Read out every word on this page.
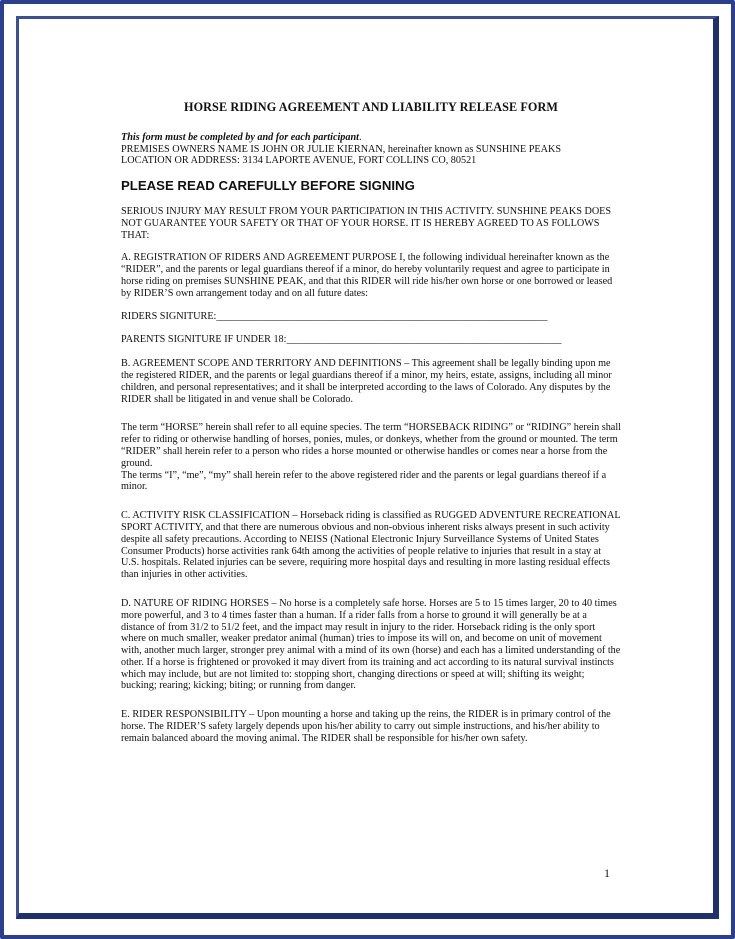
HORSE RIDING AGREEMENT AND LIABILITY RELEASE FORM
This form must be completed by and for each participant.
PREMISES OWNERS NAME IS JOHN OR JULIE KIERNAN, hereinafter known as SUNSHINE PEAKS
LOCATION OR ADDRESS: 3134 LAPORTE AVENUE, FORT COLLINS CO, 80521
PLEASE READ CAREFULLY BEFORE SIGNING

SERIOUS INJURY MAY RESULT FROM YOUR PARTICIPATION IN THIS ACTIVITY. SUNSHINE PEAKS DOES NOT GUARANTEE YOUR SAFETY OR THAT OF YOUR HORSE. IT IS HEREBY AGREED TO AS FOLLOWS THAT:

A. REGISTRATION OF RIDERS AND AGREEMENT PURPOSE I, the following individual hereinafter known as the “RIDER”, and the parents or legal guardians thereof if a minor, do hereby voluntarily request and agree to participate in horse riding on premises SUNSHINE PEAK, and that this RIDER will ride his/her own horse or one borrowed or leased by RIDER’S own arrangement today and on all future dates:

RIDERS SIGNITURE:_________________________________________________________________
PARENTS SIGNITURE IF UNDER 18:______________________________________________________

B. AGREEMENT SCOPE AND TERRITORY AND DEFINITIONS – This agreement shall be legally binding upon me the registered RIDER, and the parents or legal guardians thereof if a minor, my heirs, estate, assigns, including all minor children, and personal representatives; and it shall be interpreted according to the laws of Colorado. Any disputes by the RIDER shall be litigated in and venue shall be Colorado.

The term “HORSE” herein shall refer to all equine species. The term “HORSEBACK RIDING” or “RIDING” herein shall refer to riding or otherwise handling of horses, ponies, mules, or donkeys, whether from the ground or mounted. The term “RIDER” shall herein refer to a person who rides a horse mounted or otherwise handles or comes near a horse from the ground.

The terms “I”, “me”, “my” shall herein refer to the above registered rider and the parents or legal guardians thereof if a minor.

C. ACTIVITY RISK CLASSIFICATION – Horseback riding is classified as RUGGED ADVENTURE RECREATIONAL SPORT ACTIVITY, and that there are numerous obvious and non-obvious inherent risks always present in such activity despite all safety precautions. According to NEISS (National Electronic Injury Surveillance Systems of United States Consumer Products) horse activities rank 64th among the activities of people relative to injuries that result in a stay at U.S. hospitals. Related injuries can be severe, requiring more hospital days and resulting in more lasting residual effects than injuries in other activities.

D. NATURE OF RIDING HORSES – No horse is a completely safe horse. Horses are 5 to 15 times larger, 20 to 40 times more powerful, and 3 to 4 times faster than a human. If a rider falls from a horse to ground it will generally be at a distance of from 31/2 to 51/2 feet, and the impact may result in injury to the rider. Horseback riding is the only sport where on much smaller, weaker predator animal (human) tries to impose its will on, and become on unit of movement with, another much larger, stronger prey animal with a mind of its own (horse) and each has a limited understanding of the other. If a horse is frightened or provoked it may divert from its training and act according to its natural survival instincts which may include, but are not limited to: stopping short, changing directions or speed at will; shifting its weight; bucking; rearing; kicking; biting; or running from danger.

E. RIDER RESPONSIBILITY – Upon mounting a horse and taking up the reins, the RIDER is in primary control of the horse. The RIDER’S safety largely depends upon his/her ability to carry out simple instructions, and his/her ability to remain balanced aboard the moving animal. The RIDER shall be responsible for his/her own safety.

1
